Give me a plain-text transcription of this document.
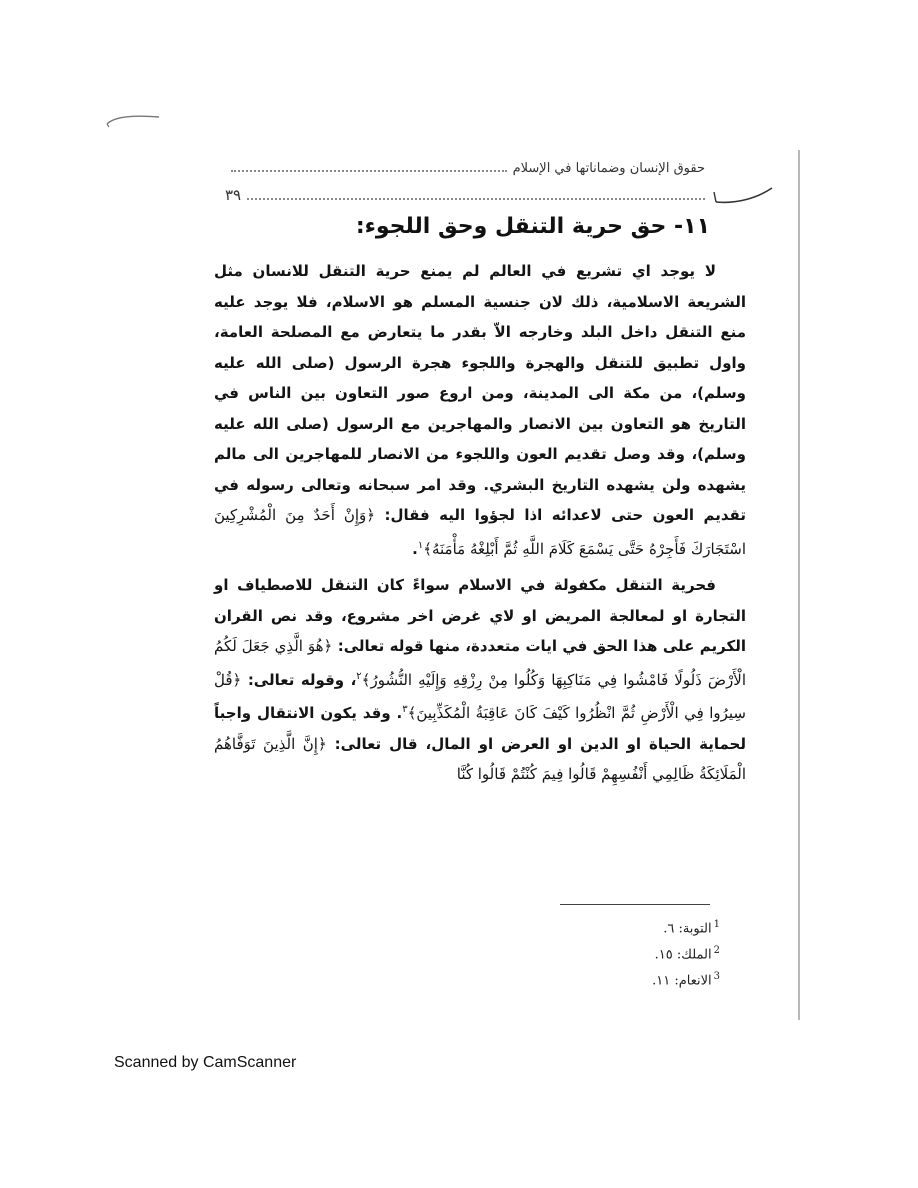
حقوق الإنسان وضماناتها في الإسلام
٣٩
١١- حق حرية التنقل وحق اللجوء:

لا يوجد اي تشريع في العالم لم يمنع حرية التنقل للانسان مثل الشريعة الاسلامية، ذلك لان جنسية المسلم هو الاسلام، فلا يوجد عليه منع التنقل داخل البلد وخارجه الاّ بقدر ما يتعارض مع المصلحة العامة، واول تطبيق للتنقل والهجرة واللجوء هجرة الرسول (صلى الله عليه وسلم)، من مكة الى المدينة، ومن اروع صور التعاون بين الناس في التاريخ هو التعاون بين الانصار والمهاجرين مع الرسول (صلى الله عليه وسلم)، وقد وصل تقديم العون واللجوء من الانصار للمهاجرين الى مالم يشهده ولن يشهده التاريخ البشري. وقد امر سبحانه وتعالى رسوله في تقديم العون حتى لاعدائه اذا لجؤوا اليه فقال: ﴿وَإِنْ أَحَدٌ مِنَ الْمُشْرِكِينَ اسْتَجَارَكَ فَأَجِرْهُ حَتَّى يَسْمَعَ كَلَامَ اللَّهِ ثُمَّ أَبْلِغْهُ مَأْمَنَهُ﴾$^١$.

فحرية التنقل مكفولة في الاسلام سواءً كان التنقل للاصطياف او التجارة او لمعالجة المريض او لاي غرض اخر مشروع، وقد نص القران الكريم على هذا الحق في ايات متعددة، منها قوله تعالى: ﴿هُوَ الَّذِي جَعَلَ لَكُمُ الْأَرْضَ ذَلُولًا فَامْشُوا فِي مَنَاكِبِهَا وَكُلُوا مِنْ رِزْقِهِ وَإِلَيْهِ النُّشُورُ﴾$^٢$، وقوله تعالى: ﴿قُلْ سِيرُوا فِي الْأَرْضِ ثُمَّ انْظُرُوا كَيْفَ كَانَ عَاقِبَةُ الْمُكَذِّبِينَ﴾$^٣$. وقد يكون الانتقال واجباً لحماية الحياة او الدين او العرض او المال، قال تعالى: ﴿إِنَّ الَّذِينَ تَوَفَّاهُمُ الْمَلَائِكَةُ ظَالِمِي أَنْفُسِهِمْ قَالُوا فِيمَ كُنْتُمْ قَالُوا كُنَّا

$^1$التوبة: ٦.
$^2$الملك: ١٥.
$^3$الانعام: ١١.
Scanned by CamScanner
